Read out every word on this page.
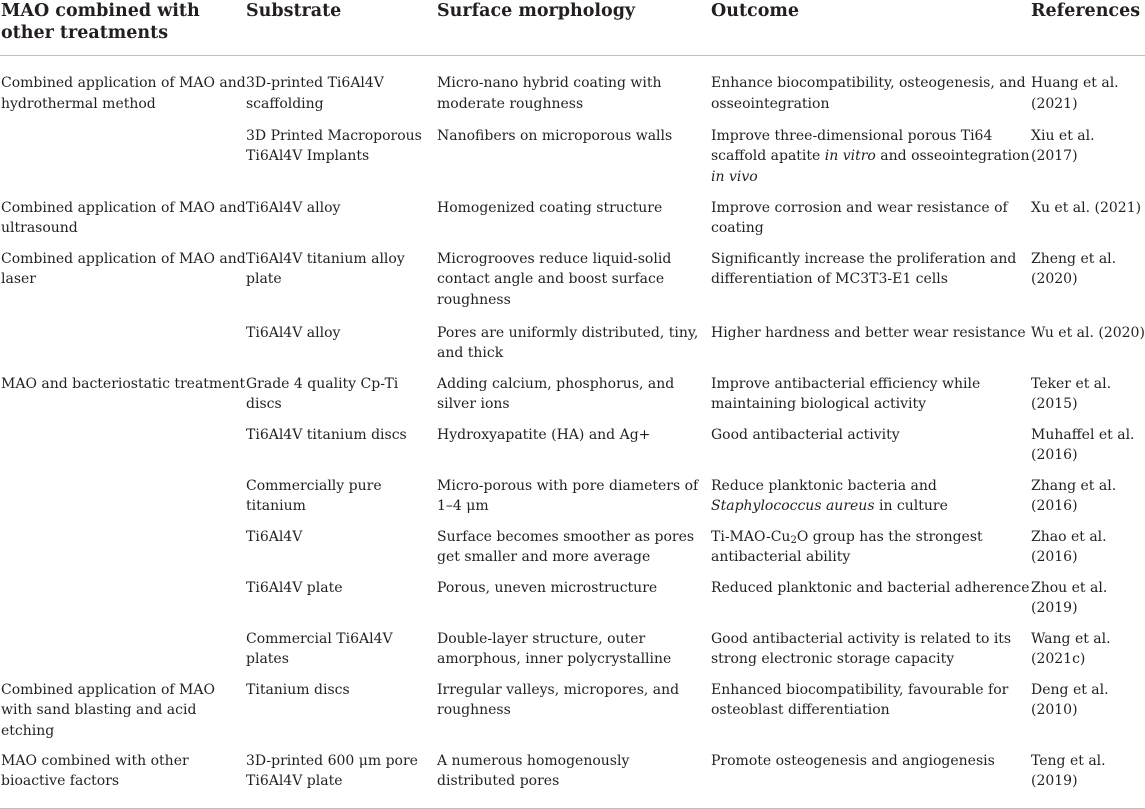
MAO combined with other treatments	Substrate	Surface morphology	Outcome	References
Combined application of MAO and hydrothermal method	3D-printed Ti6Al4V scaffolding	Micro-nano hybrid coating with moderate roughness	Enhance biocompatibility, osteogenesis, and osseointegration	Huang et al. (2021)
	3D Printed Macroporous Ti6Al4V Implants	Nanofibers on microporous walls	Improve three-dimensional porous Ti64 scaffold apatite in vitro and osseointegration in vivo	Xiu et al. (2017)
Combined application of MAO and ultrasound	Ti6Al4V alloy	Homogenized coating structure	Improve corrosion and wear resistance of coating	Xu et al. (2021)
Combined application of MAO and laser	Ti6Al4V titanium alloy plate	Microgrooves reduce liquid-solid contact angle and boost surface roughness	Significantly increase the proliferation and differentiation of MC3T3-E1 cells	Zheng et al. (2020)
	Ti6Al4V alloy	Pores are uniformly distributed, tiny, and thick	Higher hardness and better wear resistance	Wu et al. (2020)
MAO and bacteriostatic treatment	Grade 4 quality Cp-Ti discs	Adding calcium, phosphorus, and silver ions	Improve antibacterial efficiency while maintaining biological activity	Teker et al. (2015)
	Ti6Al4V titanium discs	Hydroxyapatite (HA) and Ag+	Good antibacterial activity	Muhaffel et al. (2016)
	Commercially pure titanium	Micro-porous with pore diameters of 1–4 μm	Reduce planktonic bacteria and Staphylococcus aureus in culture	Zhang et al. (2016)
	Ti6Al4V	Surface becomes smoother as pores get smaller and more average	$Ti-MAO-Cu_2O$ group has the strongest antibacterial ability	Zhao et al. (2016)
	Ti6Al4V plate	Porous, uneven microstructure	Reduced planktonic and bacterial adherence	Zhou et al. (2019)
	Commercial Ti6Al4V plates	Double-layer structure, outer amorphous, inner polycrystalline	Good antibacterial activity is related to its strong electronic storage capacity	Wang et al. (2021c)
Combined application of MAO with sand blasting and acid etching	Titanium discs	Irregular valleys, micropores, and roughness	Enhanced biocompatibility, favourable for osteoblast differentiation	Deng et al. (2010)
MAO combined with other bioactive factors	3D-printed 600 μm pore Ti6Al4V plate	A numerous homogenously distributed pores	Promote osteogenesis and angiogenesis	Teng et al. (2019)
